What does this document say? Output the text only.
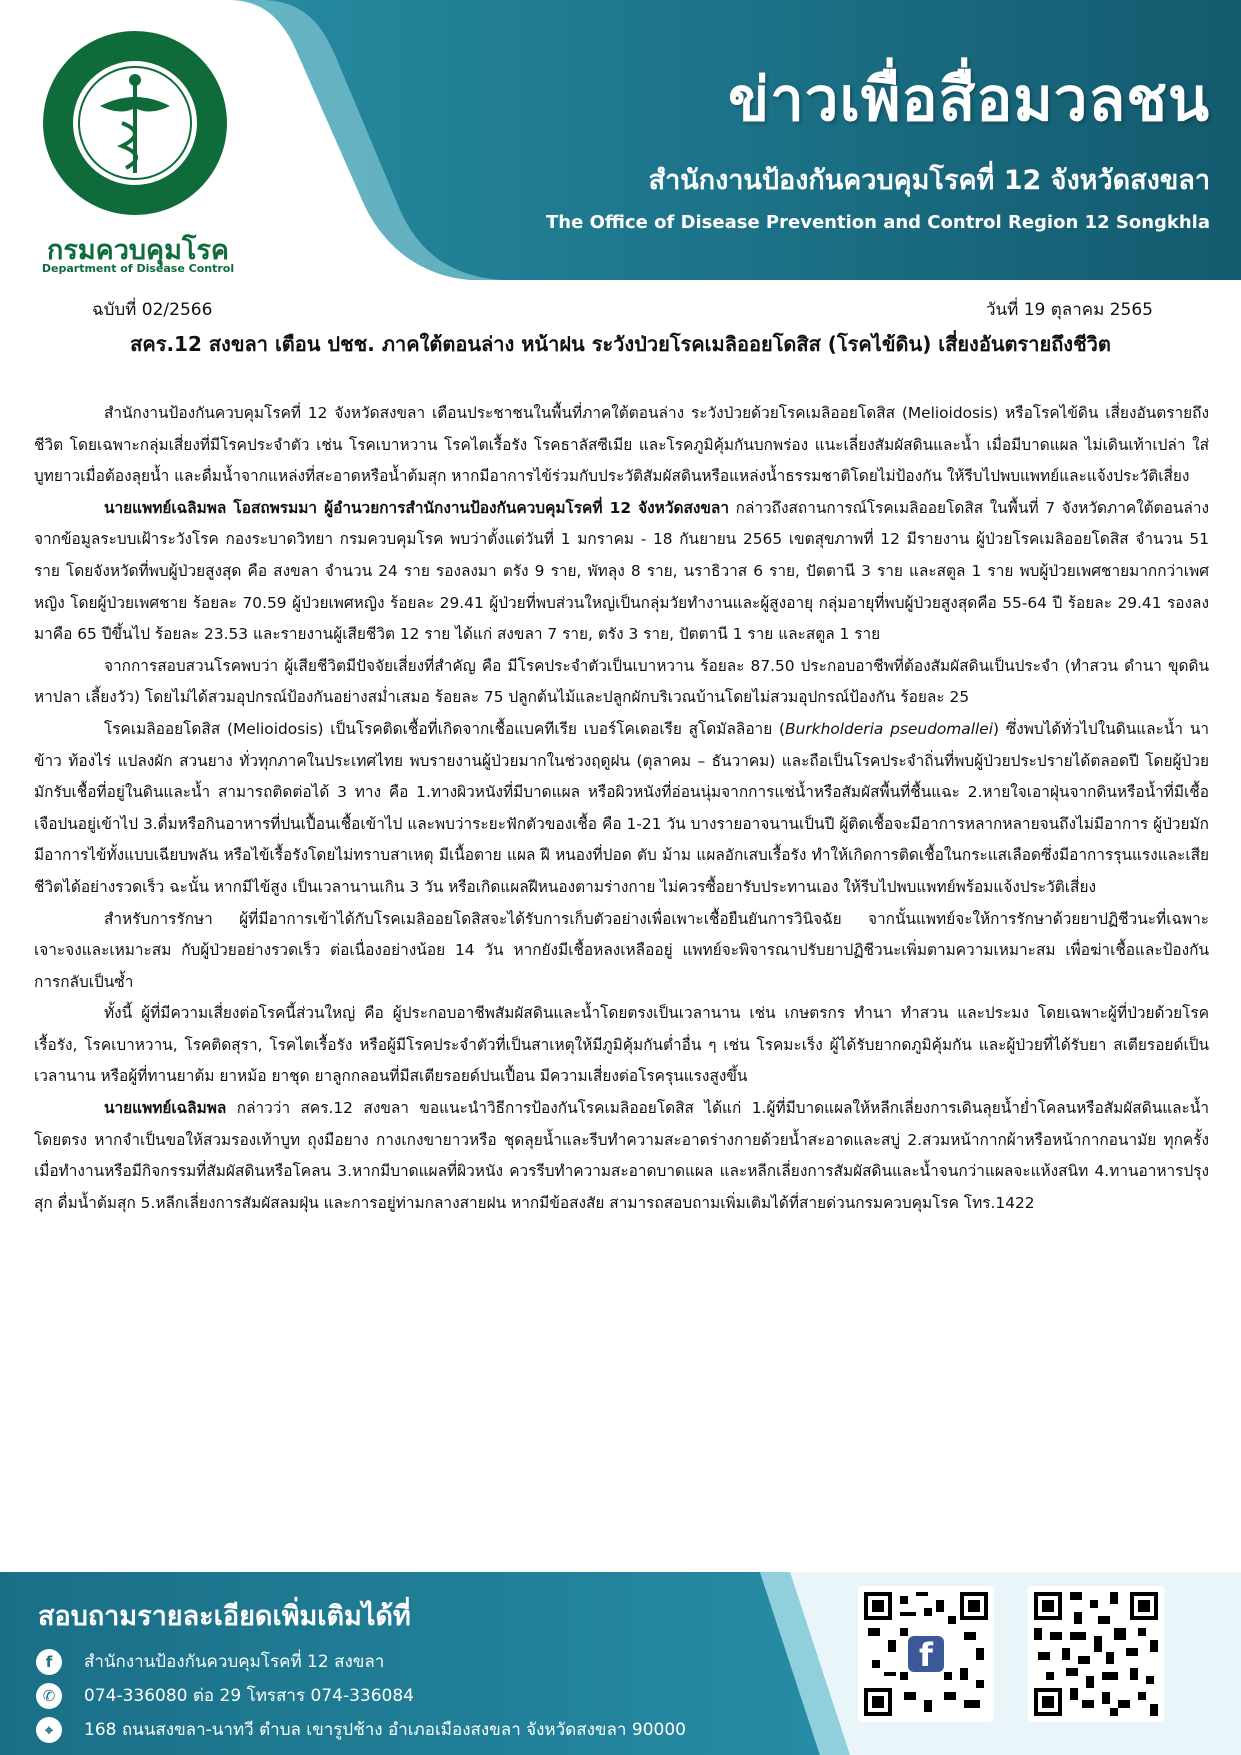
กรมควบคุมโรค
Department of Disease Control
ข่าวเพื่อสื่อมวลชน
สำนักงานป้องกันควบคุมโรคที่ 12 จังหวัดสงขลา
The Office of Disease Prevention and Control Region 12 Songkhla
ฉบับที่ 02/2566	วันที่ 19 ตุลาคม 2565
สคร.12 สงขลา เตือน ปชช. ภาคใต้ตอนล่าง หน้าฝน ระวังป่วยโรคเมลิออยโดสิส (โรคไข้ดิน) เสี่ยงอันตรายถึงชีวิต

สำนักงานป้องกันควบคุมโรคที่ 12 จังหวัดสงขลา เตือนประชาชนในพื้นที่ภาคใต้ตอนล่าง ระวังป่วยด้วยโรคเมลิออยโดสิส (Melioidosis) หรือโรคไข้ดิน เสี่ยงอันตรายถึงชีวิต โดยเฉพาะกลุ่มเสี่ยงที่มีโรคประจำตัว เช่น โรคเบาหวาน โรคไตเรื้อรัง โรคธาลัสซีเมีย และโรคภูมิคุ้มกันบกพร่อง แนะเลี่ยงสัมผัสดินและน้ำ เมื่อมีบาดแผล ไม่เดินเท้าเปล่า ใส่บูทยาวเมื่อต้องลุยน้ำ และดื่มน้ำจากแหล่งที่สะอาดหรือน้ำต้มสุก หากมีอาการไข้ร่วมกับประวัติสัมผัสดินหรือแหล่งน้ำธรรมชาติโดยไม่ป้องกัน ให้รีบไปพบแพทย์และแจ้งประวัติเสี่ยง

นายแพทย์เฉลิมพล โอสถพรมมา ผู้อำนวยการสำนักงานป้องกันควบคุมโรคที่ 12 จังหวัดสงขลา กล่าวถึงสถานการณ์โรคเมลิออยโดสิส ในพื้นที่ 7 จังหวัดภาคใต้ตอนล่าง จากข้อมูลระบบเฝ้าระวังโรค กองระบาดวิทยา กรมควบคุมโรค พบว่าตั้งแต่วันที่ 1 มกราคม - 18 กันยายน 2565 เขตสุขภาพที่ 12 มีรายงาน ผู้ป่วยโรคเมลิออยโดสิส จำนวน 51 ราย โดยจังหวัดที่พบผู้ป่วยสูงสุด คือ สงขลา จำนวน 24 ราย รองลงมา ตรัง 9 ราย, พัทลุง 8 ราย, นราธิวาส 6 ราย, ปัตตานี 3 ราย และสตูล 1 ราย พบผู้ป่วยเพศชายมากกว่าเพศหญิง โดยผู้ป่วยเพศชาย ร้อยละ 70.59 ผู้ป่วยเพศหญิง ร้อยละ 29.41 ผู้ป่วยที่พบส่วนใหญ่เป็นกลุ่มวัยทำงานและผู้สูงอายุ กลุ่มอายุที่พบผู้ป่วยสูงสุดคือ 55-64 ปี ร้อยละ 29.41 รองลงมาคือ 65 ปีขึ้นไป ร้อยละ 23.53 และรายงานผู้เสียชีวิต 12 ราย ได้แก่ สงขลา 7 ราย, ตรัง 3 ราย, ปัตตานี 1 ราย และสตูล 1 ราย

จากการสอบสวนโรคพบว่า ผู้เสียชีวิตมีปัจจัยเสี่ยงที่สำคัญ คือ มีโรคประจำตัวเป็นเบาหวาน ร้อยละ 87.50 ประกอบอาชีพที่ต้องสัมผัสดินเป็นประจำ (ทำสวน ดำนา ขุดดิน หาปลา เลี้ยงวัว) โดยไม่ได้สวมอุปกรณ์ป้องกันอย่างสม่ำเสมอ ร้อยละ 75 ปลูกต้นไม้และปลูกผักบริเวณบ้านโดยไม่สวมอุปกรณ์ป้องกัน ร้อยละ 25

โรคเมลิออยโดสิส (Melioidosis) เป็นโรคติดเชื้อที่เกิดจากเชื้อแบคทีเรีย เบอร์โคเดอเรีย สูโดมัลลิอาย (Burkholderia pseudomallei) ซึ่งพบได้ทั่วไปในดินและน้ำ นาข้าว ท้องไร่ แปลงผัก สวนยาง ทั่วทุกภาคในประเทศไทย พบรายงานผู้ป่วยมากในช่วงฤดูฝน (ตุลาคม – ธันวาคม) และถือเป็นโรคประจำถิ่นที่พบผู้ป่วยประปรายได้ตลอดปี โดยผู้ป่วยมักรับเชื้อที่อยู่ในดินและน้ำ สามารถติดต่อได้ 3 ทาง คือ 1.ทางผิวหนังที่มีบาดแผล หรือผิวหนังที่อ่อนนุ่มจากการแช่น้ำหรือสัมผัสพื้นที่ชื้นแฉะ 2.หายใจเอาฝุ่นจากดินหรือน้ำที่มีเชื้อเจือปนอยู่เข้าไป 3.ดื่มหรือกินอาหารที่ปนเปื้อนเชื้อเข้าไป และพบว่าระยะฟักตัวของเชื้อ คือ 1-21 วัน บางรายอาจนานเป็นปี ผู้ติดเชื้อจะมีอาการหลากหลายจนถึงไม่มีอาการ ผู้ป่วยมักมีอาการไข้ทั้งแบบเฉียบพลัน หรือไข้เรื้อรังโดยไม่ทราบสาเหตุ มีเนื้อตาย แผล ฝี หนองที่ปอด ตับ ม้าม แผลอักเสบเรื้อรัง ทำให้เกิดการติดเชื้อในกระแสเลือดซึ่งมีอาการรุนแรงและเสียชีวิตได้อย่างรวดเร็ว ฉะนั้น หากมีไข้สูง เป็นเวลานานเกิน 3 วัน หรือเกิดแผลฝีหนองตามร่างกาย ไม่ควรซื้อยารับประทานเอง ให้รีบไปพบแพทย์พร้อมแจ้งประวัติเสี่ยง

สำหรับการรักษา ผู้ที่มีอาการเข้าได้กับโรคเมลิออยโดสิสจะได้รับการเก็บตัวอย่างเพื่อเพาะเชื้อยืนยันการวินิจฉัย จากนั้นแพทย์จะให้การรักษาด้วยยาปฏิชีวนะที่เฉพาะเจาะจงและเหมาะสม กับผู้ป่วยอย่างรวดเร็ว ต่อเนื่องอย่างน้อย 14 วัน หากยังมีเชื้อหลงเหลืออยู่ แพทย์จะพิจารณาปรับยาปฏิชีวนะเพิ่มตามความเหมาะสม เพื่อฆ่าเชื้อและป้องกันการกลับเป็นซ้ำ

ทั้งนี้ ผู้ที่มีความเสี่ยงต่อโรคนี้ส่วนใหญ่ คือ ผู้ประกอบอาชีพสัมผัสดินและน้ำโดยตรงเป็นเวลานาน เช่น เกษตรกร ทำนา ทำสวน และประมง โดยเฉพาะผู้ที่ป่วยด้วยโรคเรื้อรัง, โรคเบาหวาน, โรคติดสุรา, โรคไตเรื้อรัง หรือผู้มีโรคประจำตัวที่เป็นสาเหตุให้มีภูมิคุ้มกันต่ำอื่น ๆ เช่น โรคมะเร็ง ผู้ได้รับยากดภูมิคุ้มกัน และผู้ป่วยที่ได้รับยา สเตียรอยด์เป็นเวลานาน หรือผู้ที่ทานยาต้ม ยาหม้อ ยาชุด ยาลูกกลอนที่มีสเตียรอยด์ปนเปื้อน มีความเสี่ยงต่อโรครุนแรงสูงขึ้น

นายแพทย์เฉลิมพล กล่าวว่า สคร.12 สงขลา ขอแนะนำวิธีการป้องกันโรคเมลิออยโดสิส ได้แก่ 1.ผู้ที่มีบาดแผลให้หลีกเลี่ยงการเดินลุยน้ำย่ำโคลนหรือสัมผัสดินและน้ำโดยตรง หากจำเป็นขอให้สวมรองเท้าบูท ถุงมือยาง กางเกงขายาวหรือ ชุดลุยน้ำและรีบทำความสะอาดร่างกายด้วยน้ำสะอาดและสบู่ 2.สวมหน้ากากผ้าหรือหน้ากากอนามัย ทุกครั้งเมื่อทำงานหรือมีกิจกรรมที่สัมผัสดินหรือโคลน 3.หากมีบาดแผลที่ผิวหนัง ควรรีบทำความสะอาดบาดแผล และหลีกเลี่ยงการสัมผัสดินและน้ำจนกว่าแผลจะแห้งสนิท 4.ทานอาหารปรุงสุก ดื่มน้ำต้มสุก 5.หลีกเลี่ยงการสัมผัสลมฝุ่น และการอยู่ท่ามกลางสายฝน หากมีข้อสงสัย สามารถสอบถามเพิ่มเติมได้ที่สายด่วนกรมควบคุมโรค โทร.1422

สอบถามรายละเอียดเพิ่มเติมได้ที่
f	สำนักงานป้องกันควบคุมโรคที่ 12 สงขลา
✆	074-336080 ต่อ 29 โทรสาร 074-336084
⌖	168 ถนนสงขลา-นาทวี ตำบล เขารูปช้าง อำเภอเมืองสงขลา จังหวัดสงขลา 90000
f
